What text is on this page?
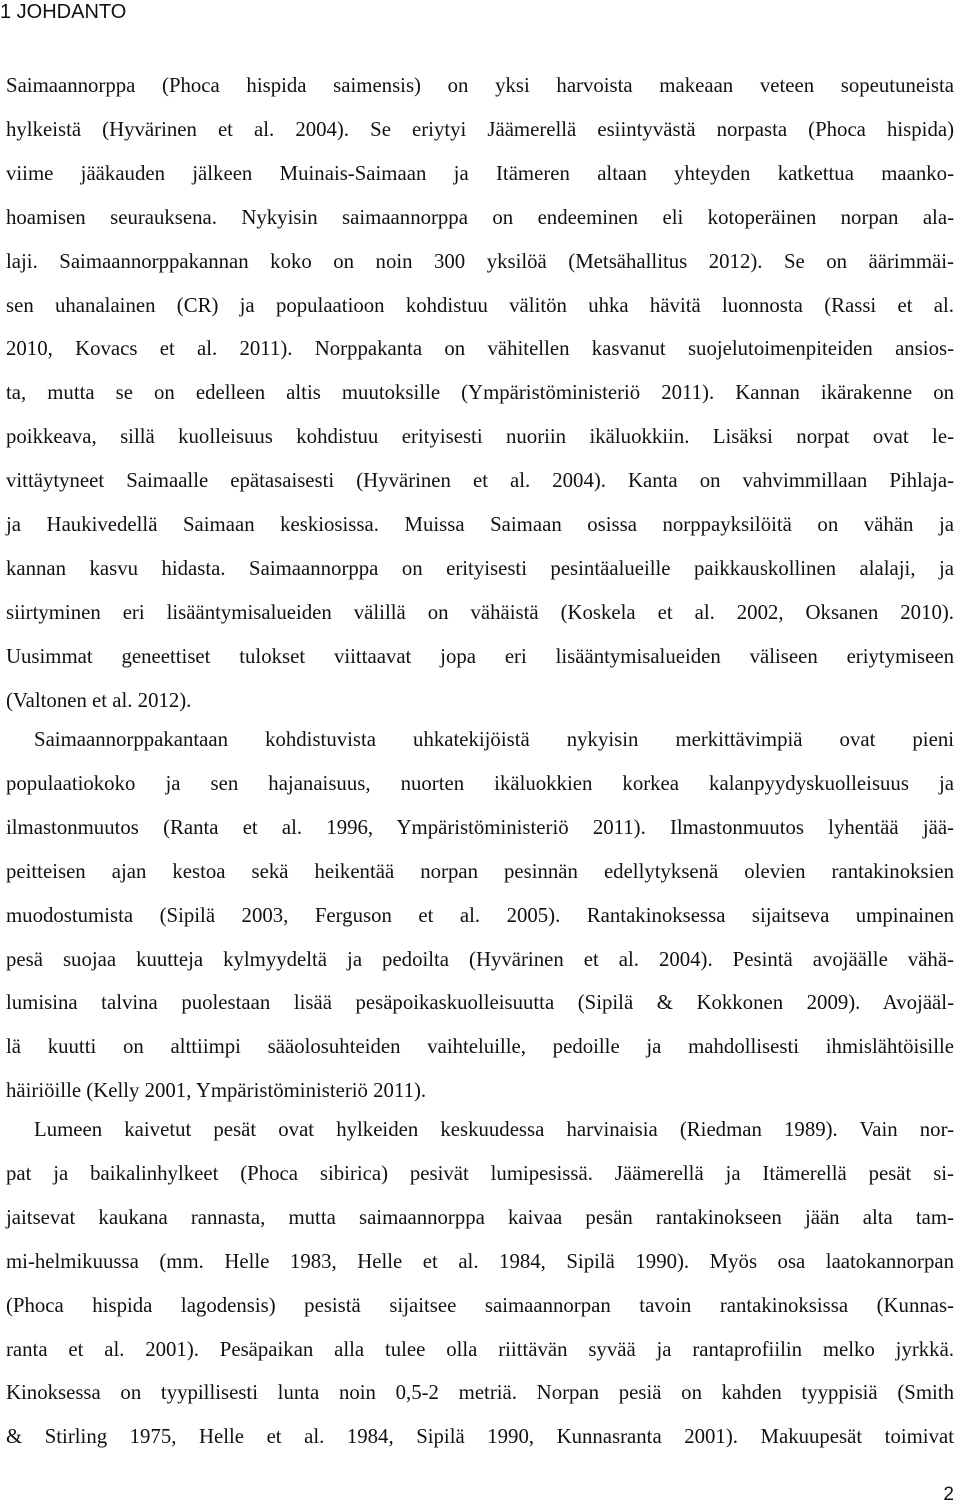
1 JOHDANTO
Saimaannorppa (Phoca hispida saimensis) on yksi harvoista makeaan veteen sopeutuneista
hylkeistä (Hyvärinen et al. 2004). Se eriytyi Jäämerellä esiintyvästä norpasta (Phoca hispida)
viime jääkauden jälkeen Muinais-Saimaan ja Itämeren altaan yhteyden katkettua maanko-
hoamisen seurauksena. Nykyisin saimaannorppa on endeeminen eli kotoperäinen norpan ala-
laji. Saimaannorppakannan koko on noin 300 yksilöä (Metsähallitus 2012). Se on äärimmäi-
sen uhanalainen (CR) ja populaatioon kohdistuu välitön uhka hävitä luonnosta (Rassi et al.
2010, Kovacs et al. 2011). Norppakanta on vähitellen kasvanut suojelutoimenpiteiden ansios-
ta, mutta se on edelleen altis muutoksille (Ympäristöministeriö 2011). Kannan ikärakenne on
poikkeava, sillä kuolleisuus kohdistuu erityisesti nuoriin ikäluokkiin. Lisäksi norpat ovat le-
vittäytyneet Saimaalle epätasaisesti (Hyvärinen et al. 2004). Kanta on vahvimmillaan Pihlaja-
ja Haukivedellä Saimaan keskiosissa. Muissa Saimaan osissa norppayksilöitä on vähän ja
kannan kasvu hidasta. Saimaannorppa on erityisesti pesintäalueille paikkauskollinen alalaji, ja
siirtyminen eri lisääntymisalueiden välillä on vähäistä (Koskela et al. 2002, Oksanen 2010).
Uusimmat geneettiset tulokset viittaavat jopa eri lisääntymisalueiden väliseen eriytymiseen
(Valtonen et al. 2012).
Saimaannorppakantaan kohdistuvista uhkatekijöistä nykyisin merkittävimpiä ovat pieni
populaatiokoko ja sen hajanaisuus, nuorten ikäluokkien korkea kalanpyydyskuolleisuus ja
ilmastonmuutos (Ranta et al. 1996, Ympäristöministeriö 2011). Ilmastonmuutos lyhentää jää-
peitteisen ajan kestoa sekä heikentää norpan pesinnän edellytyksenä olevien rantakinoksien
muodostumista (Sipilä 2003, Ferguson et al. 2005). Rantakinoksessa sijaitseva umpinainen
pesä suojaa kuutteja kylmyydeltä ja pedoilta (Hyvärinen et al. 2004). Pesintä avojäälle vähä-
lumisina talvina puolestaan lisää pesäpoikaskuolleisuutta (Sipilä & Kokkonen 2009). Avojääl-
lä kuutti on alttiimpi sääolosuhteiden vaihteluille, pedoille ja mahdollisesti ihmislähtöisille
häiriöille (Kelly 2001, Ympäristöministeriö 2011).
Lumeen kaivetut pesät ovat hylkeiden keskuudessa harvinaisia (Riedman 1989). Vain nor-
pat ja baikalinhylkeet (Phoca sibirica) pesivät lumipesissä. Jäämerellä ja Itämerellä pesät si-
jaitsevat kaukana rannasta, mutta saimaannorppa kaivaa pesän rantakinokseen jään alta tam-
mi-helmikuussa (mm. Helle 1983, Helle et al. 1984, Sipilä 1990). Myös osa laatokannorpan
(Phoca hispida lagodensis) pesistä sijaitsee saimaannorpan tavoin rantakinoksissa (Kunnas-
ranta et al. 2001). Pesäpaikan alla tulee olla riittävän syvää ja rantaprofiilin melko jyrkkä.
Kinoksessa on tyypillisesti lunta noin 0,5-2 metriä. Norpan pesiä on kahden tyyppisiä (Smith
& Stirling 1975, Helle et al. 1984, Sipilä 1990, Kunnasranta 2001). Makuupesät toimivat
2
